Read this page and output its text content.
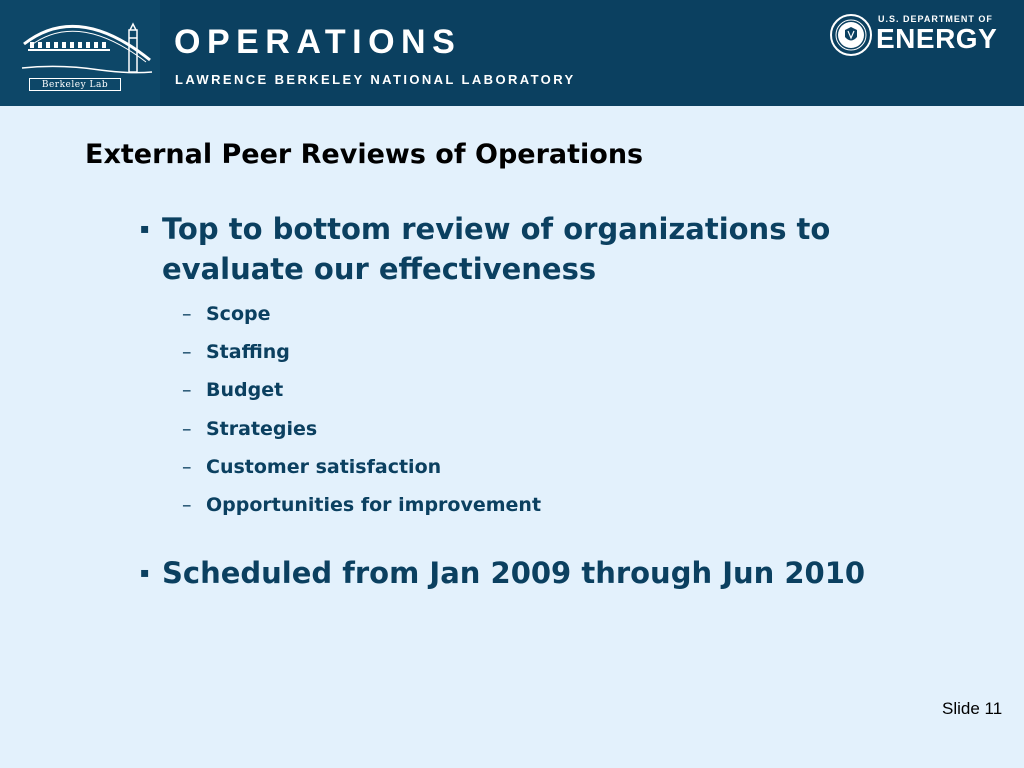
Berkeley Lab
OPERATIONS
LAWRENCE BERKELEY NATIONAL LABORATORY
U.S. DEPARTMENT OF
ENERGY
External Peer Reviews of Operations
▪ Top to bottom review of organizations to evaluate our effectiveness
– Scope
– Staffing
– Budget
– Strategies
– Customer satisfaction
– Opportunities for improvement
▪ Scheduled from Jan 2009 through Jun 2010
Slide 11
